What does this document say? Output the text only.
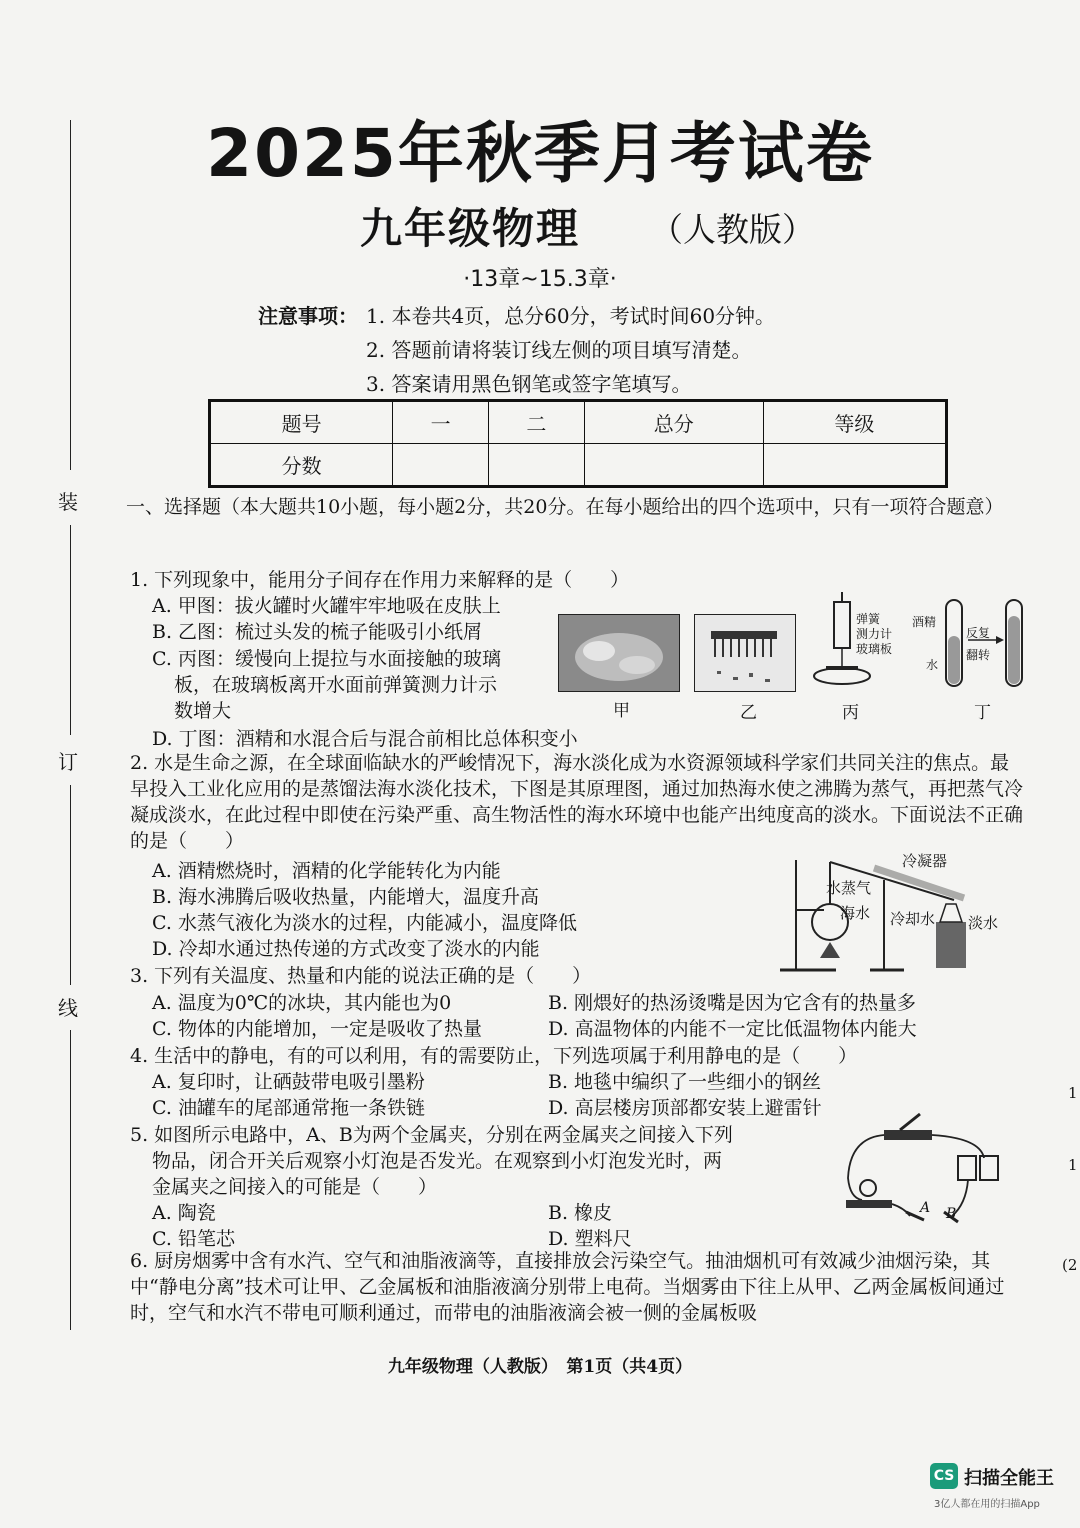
2025年秋季月考试卷
九年级物理 （人教版）
·13章~15.3章·
注意事项： 1. 本卷共4页，总分60分，考试时间60分钟。
2. 答题前请将装订线左侧的项目填写清楚。
3. 答案请用黑色钢笔或签字笔填写。
题号	一	二	总分	等级
分数				
装
订
线
一、选择题（本大题共10小题，每小题2分，共20分。在每小题给出的四个选项中，只有一项符合题意）
1. 下列现象中，能用分子间存在作用力来解释的是（　　）
A. 甲图：拔火罐时火罐牢牢地吸在皮肤上
B. 乙图：梳过头发的梳子能吸引小纸屑
C. 丙图：缓慢向上提拉与水面接触的玻璃
板，在玻璃板离开水面前弹簧测力计示
数增大
D. 丁图：酒精和水混合后与混合前相比总体积变小
弹簧
测力计
玻璃板
酒精
水
反复
翻转
甲	乙	丙	丁
2. 水是生命之源，在全球面临缺水的严峻情况下，海水淡化成为水资源领域科学家们共同关注的焦点。最早投入工业化应用的是蒸馏法海水淡化技术，下图是其原理图，通过加热海水使之沸腾为蒸气，再把蒸气冷凝成淡水，在此过程中即使在污染严重、高生物活性的海水环境中也能产出纯度高的淡水。下面说法不正确的是（　　）
A. 酒精燃烧时，酒精的化学能转化为内能
B. 海水沸腾后吸收热量，内能增大，温度升高
C. 水蒸气液化为淡水的过程，内能减小，温度降低
D. 冷却水通过热传递的方式改变了淡水的内能
冷凝器
水蒸气
海水 冷却水 淡水
3. 下列有关温度、热量和内能的说法正确的是（　　）
A. 温度为0℃的冰块，其内能也为0	B. 刚煨好的热汤烫嘴是因为它含有的热量多
C. 物体的内能增加，一定是吸收了热量	D. 高温物体的内能不一定比低温物体内能大
4. 生活中的静电，有的可以利用，有的需要防止，下列选项属于利用静电的是（　　）
A. 复印时，让硒鼓带电吸引墨粉	B. 地毯中编织了一些细小的钢丝
C. 油罐车的尾部通常拖一条铁链	D. 高层楼房顶部都安装上避雷针
5. 如图所示电路中，A、B为两个金属夹，分别在两金属夹之间接入下列
物品，闭合开关后观察小灯泡是否发光。在观察到小灯泡发光时，两
金属夹之间接入的可能是（　　）
A. 陶瓷	B. 橡皮
C. 铅笔芯	D. 塑料尺
A B
6. 厨房烟雾中含有水汽、空气和油脂液滴等，直接排放会污染空气。抽油烟机可有效减少油烟污染，其中“静电分离”技术可让甲、乙金属板和油脂液滴分别带上电荷。当烟雾由下往上从甲、乙两金属板间通过时，空气和水汽不带电可顺利通过，而带电的油脂液滴会被一侧的金属板吸
九年级物理（人教版）　第1页（共4页）
1
1
(2
CS 扫描全能王
3亿人都在用的扫描App
